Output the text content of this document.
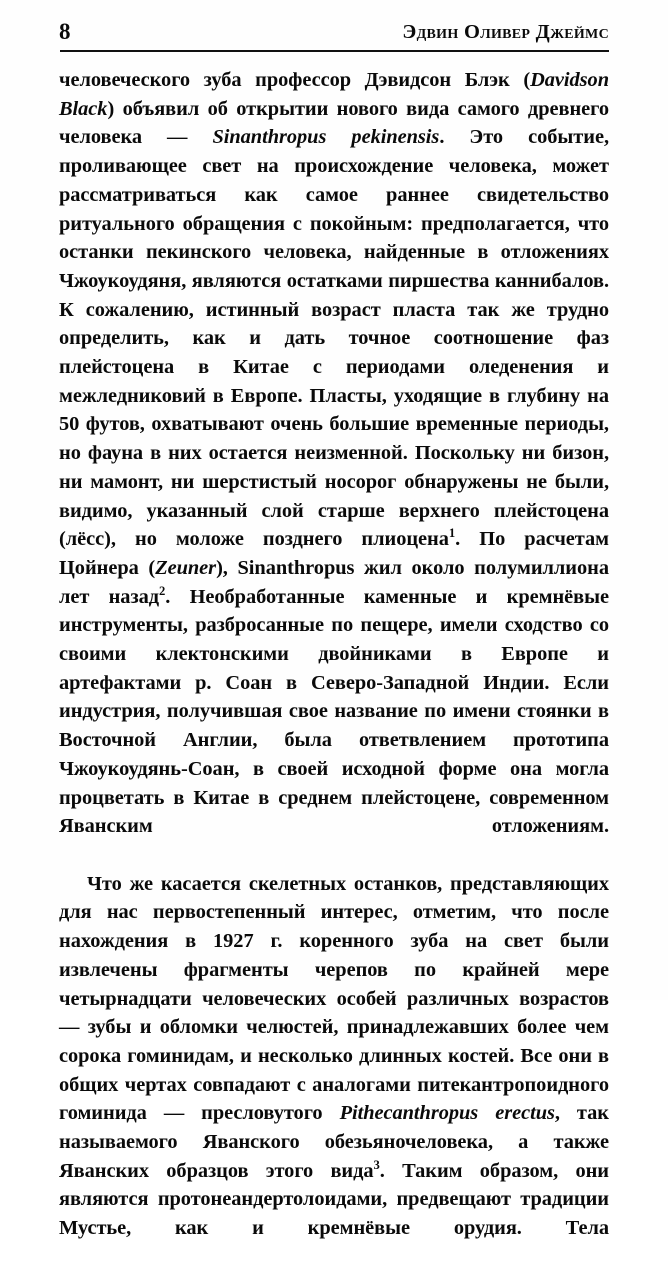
8	Эдвин Оливер Джеймс

человеческого зуба профессор Дэвидсон Блэк (Davidson Black) объявил об открытии нового вида самого древнего человека — Sinanthropus pekinensis. Это событие, проливающее свет на происхождение человека, может рассматриваться как самое раннее свидетельство ритуального обращения с покойным: предполагается, что останки пекинского человека, найденные в отложениях Чжоукоудяня, являются остатками пиршества каннибалов. К сожалению, истинный возраст пласта так же трудно определить, как и дать точное соотношение фаз плейстоцена в Китае с периодами оледенения и межледниковий в Европе. Пласты, уходящие в глубину на 50 футов, охватывают очень большие временные периоды, но фауна в них остается неизменной. Поскольку ни бизон, ни мамонт, ни шерстистый носорог обнаружены не были, видимо, указанный слой старше верхнего плейстоцена (лёсс), но моложе позднего плиоцена$^1$. По расчетам Цойнера (Zeuner), Sinanthropus жил около полумиллиона лет назад$^2$. Необработанные каменные и кремнёвые инструменты, разбросанные по пещере, имели сходство со своими клектонскими двойниками в Европе и артефактами р. Соан в Северо-Западной Индии. Если индустрия, получившая свое название по имени стоянки в Восточной Англии, была ответвлением прототипа Чжоукоудянь-Соан, в своей исходной форме она могла процветать в Китае в среднем плейстоцене, современном Яванским отложениям.

Что же касается скелетных останков, представляющих для нас первостепенный интерес, отметим, что после нахождения в 1927 г. коренного зуба на свет были извлечены фрагменты черепов по крайней мере четырнадцати человеческих особей различных возрастов — зубы и обломки челюстей, принадлежавших более чем сорока гоминидам, и несколько длинных костей. Все они в общих чертах совпадают с аналогами питекантропоидного гоминида — пресловутого Pithecanthropus erectus, так называемого Яванского обезьяночеловека, а также Яванских образцов этого вида$^3$. Таким образом, они являются протонеандертолоидами, предвещают традиции Мустье, как и кремнёвые орудия. Тела
